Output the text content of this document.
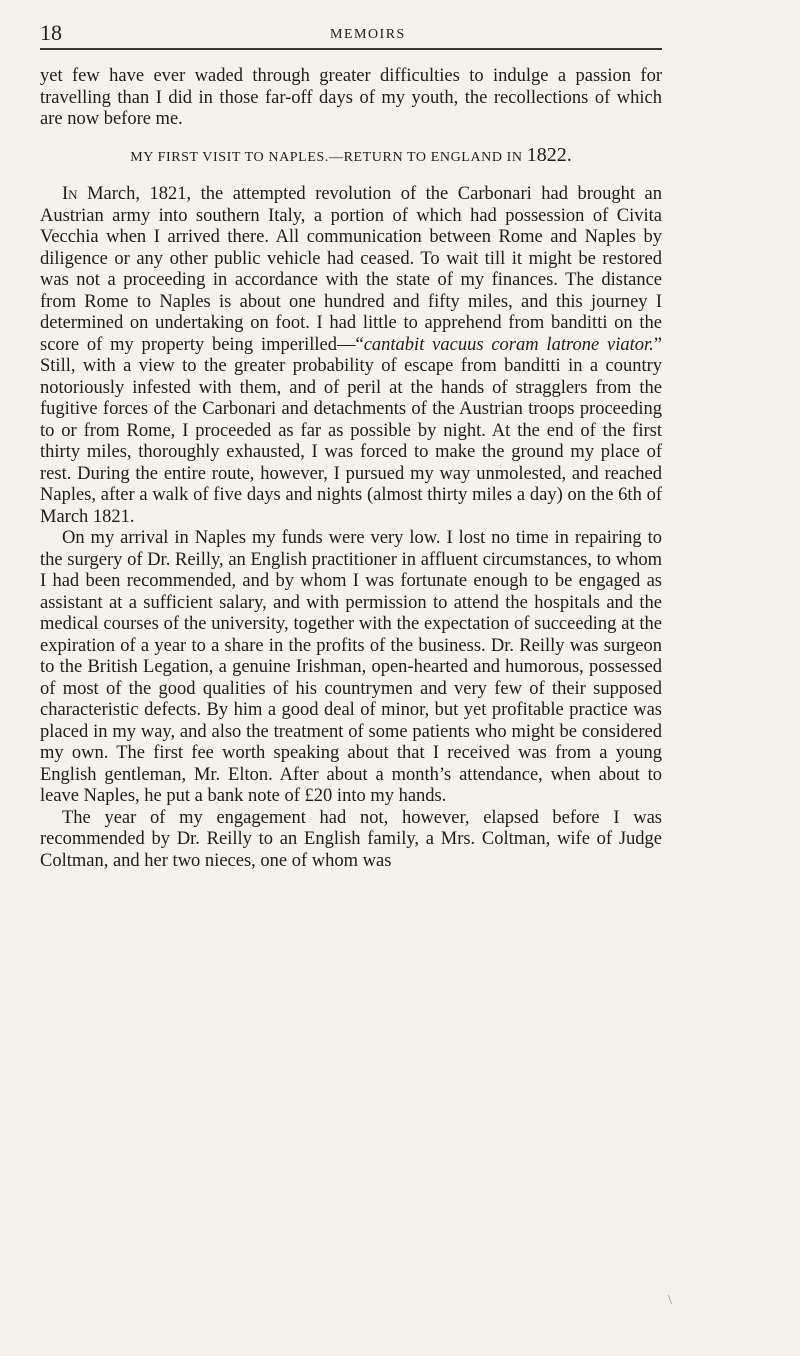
18	MEMOIRS

yet few have ever waded through greater difficulties to indulge a passion for travelling than I did in those far-off days of my youth, the recollections of which are now before me.

MY FIRST VISIT TO NAPLES.—RETURN TO ENGLAND IN 1822.

In March, 1821, the attempted revolution of the Carbonari had brought an Austrian army into southern Italy, a portion of which had possession of Civita Vecchia when I arrived there. All communication between Rome and Naples by diligence or any other public vehicle had ceased. To wait till it might be restored was not a proceeding in accordance with the state of my finances. The distance from Rome to Naples is about one hundred and fifty miles, and this journey I determined on undertaking on foot. I had little to apprehend from banditti on the score of my property being imperilled—“cantabit vacuus coram latrone viator.” Still, with a view to the greater probability of escape from banditti in a country notoriously infested with them, and of peril at the hands of stragglers from the fugitive forces of the Carbonari and detachments of the Austrian troops proceeding to or from Rome, I proceeded as far as possible by night. At the end of the first thirty miles, thoroughly exhausted, I was forced to make the ground my place of rest. During the entire route, however, I pursued my way unmolested, and reached Naples, after a walk of five days and nights (almost thirty miles a day) on the 6th of March 1821.

On my arrival in Naples my funds were very low. I lost no time in repairing to the surgery of Dr. Reilly, an English practitioner in affluent circumstances, to whom I had been recommended, and by whom I was fortunate enough to be engaged as assistant at a sufficient salary, and with permission to attend the hospitals and the medical courses of the university, together with the expectation of succeeding at the expiration of a year to a share in the profits of the business. Dr. Reilly was surgeon to the British Legation, a genuine Irishman, open-hearted and humorous, possessed of most of the good qualities of his countrymen and very few of their supposed characteristic defects. By him a good deal of minor, but yet profitable practice was placed in my way, and also the treatment of some patients who might be considered my own. The first fee worth speaking about that I received was from a young English gentleman, Mr. Elton. After about a month’s attendance, when about to leave Naples, he put a bank note of £20 into my hands.

The year of my engagement had not, however, elapsed before I was recommended by Dr. Reilly to an English family, a Mrs. Coltman, wife of Judge Coltman, and her two nieces, one of whom was

\
